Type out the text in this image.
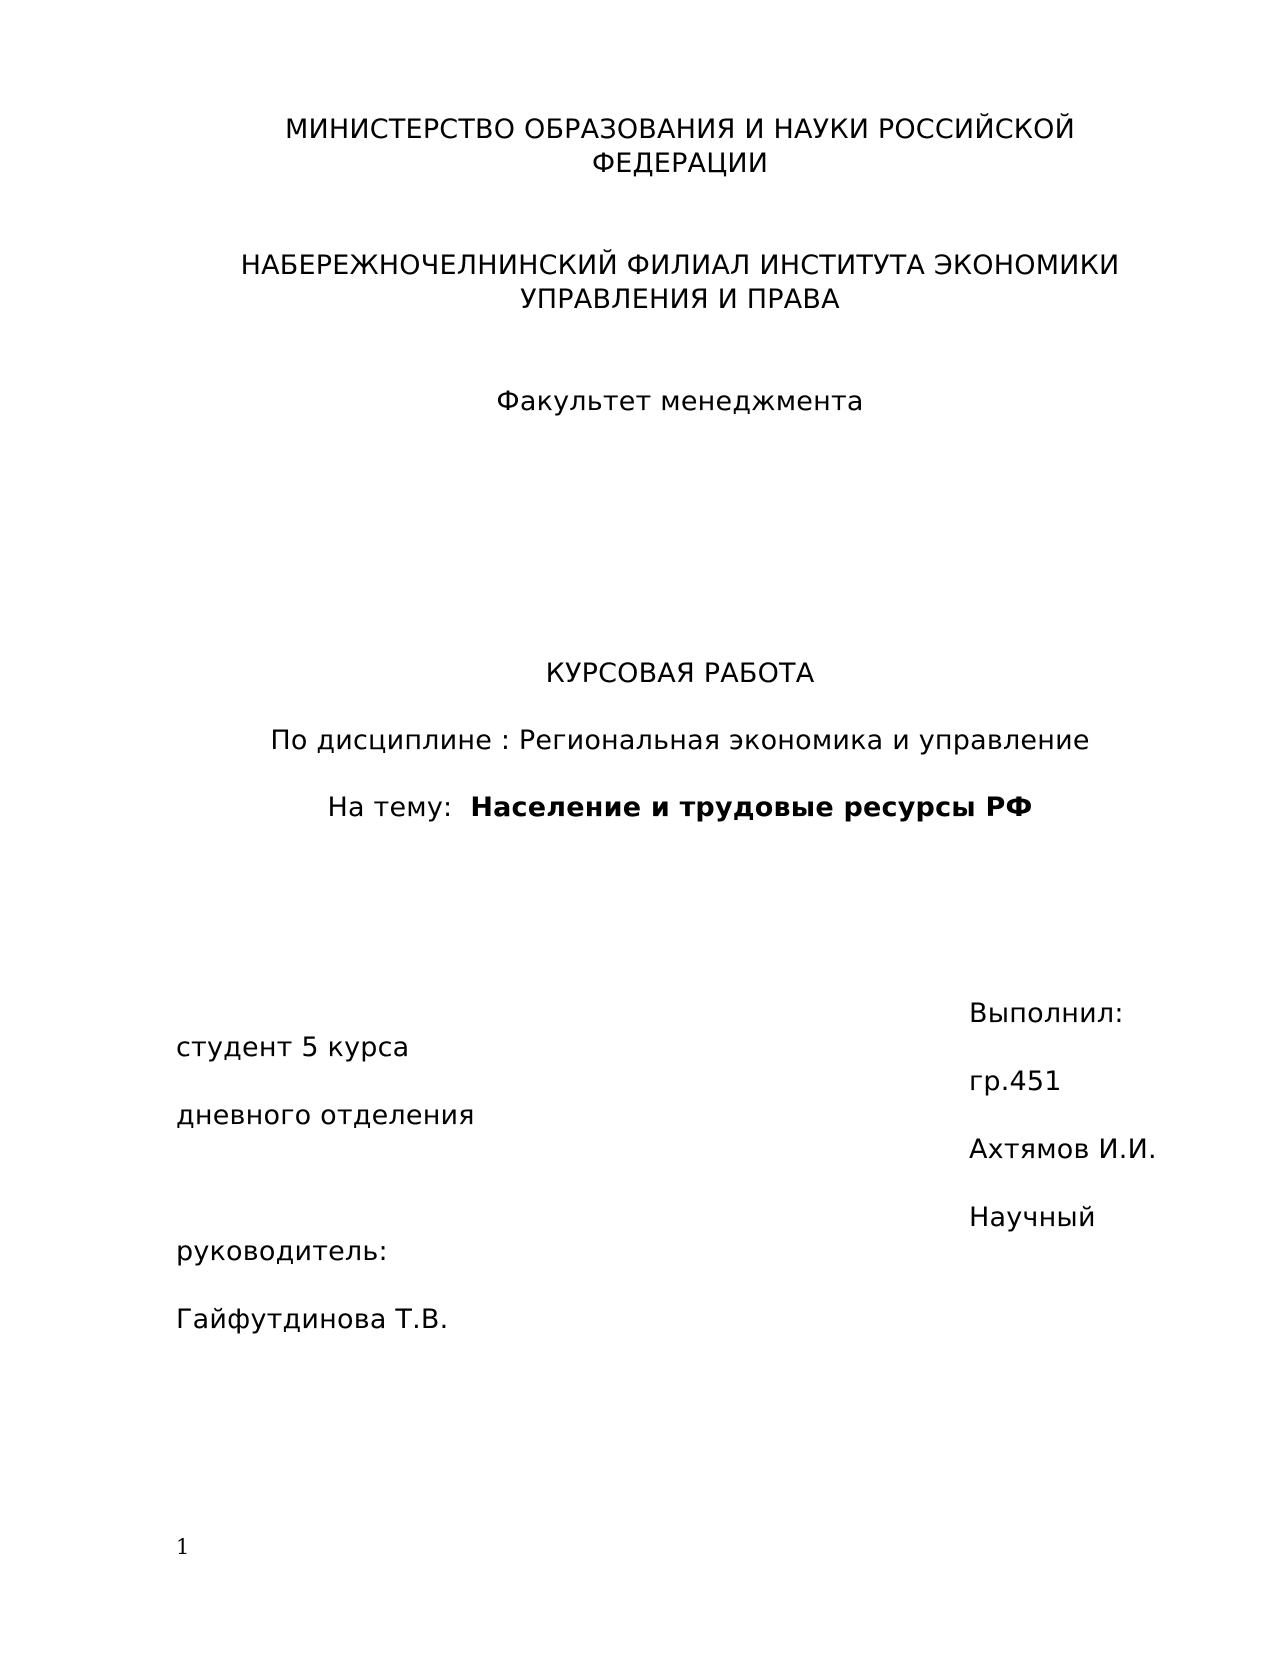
МИНИСТЕРСТВО ОБРАЗОВАНИЯ И НАУКИ РОССИЙСКОЙ
ФЕДЕРАЦИИ
НАБЕРЕЖНОЧЕЛНИНСКИЙ ФИЛИАЛ ИНСТИТУТА ЭКОНОМИКИ
УПРАВЛЕНИЯ И ПРАВА
Факультет менеджмента
КУРСОВАЯ РАБОТА
По дисциплине : Региональная экономика и управление
На тему: Население и трудовые ресурсы РФ
Выполнил:
студент 5 курса
гр.451
дневного отделения
Ахтямов И.И.
Научный
руководитель:
Гайфутдинова Т.В.
1
